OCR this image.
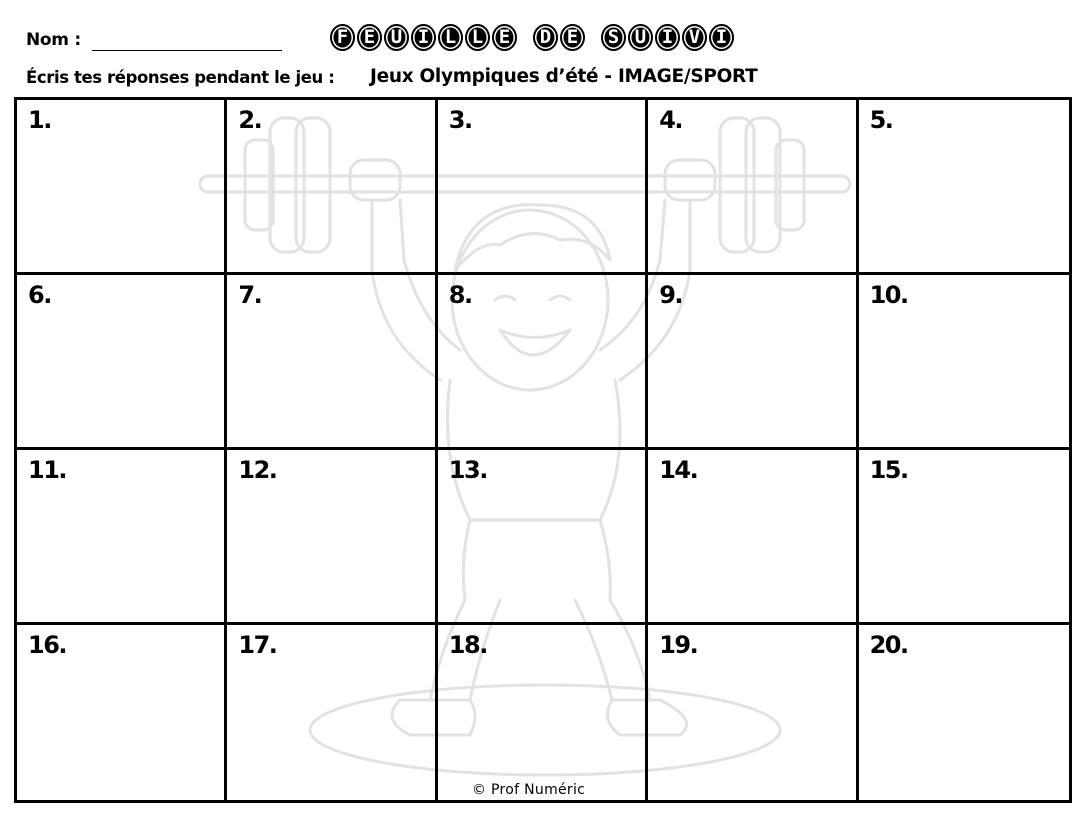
Nom :	F E U I L L E	D E	S U I V I
Écris tes réponses pendant le jeu : Jeux Olympiques d’été - IMAGE/SPORT
1.	2.	3.	4.	5.
6.	7.	8.	9.	10.
11.	12.	13.	14.	15.
16.	17.	18.	19.	20.
© Prof Numéric
